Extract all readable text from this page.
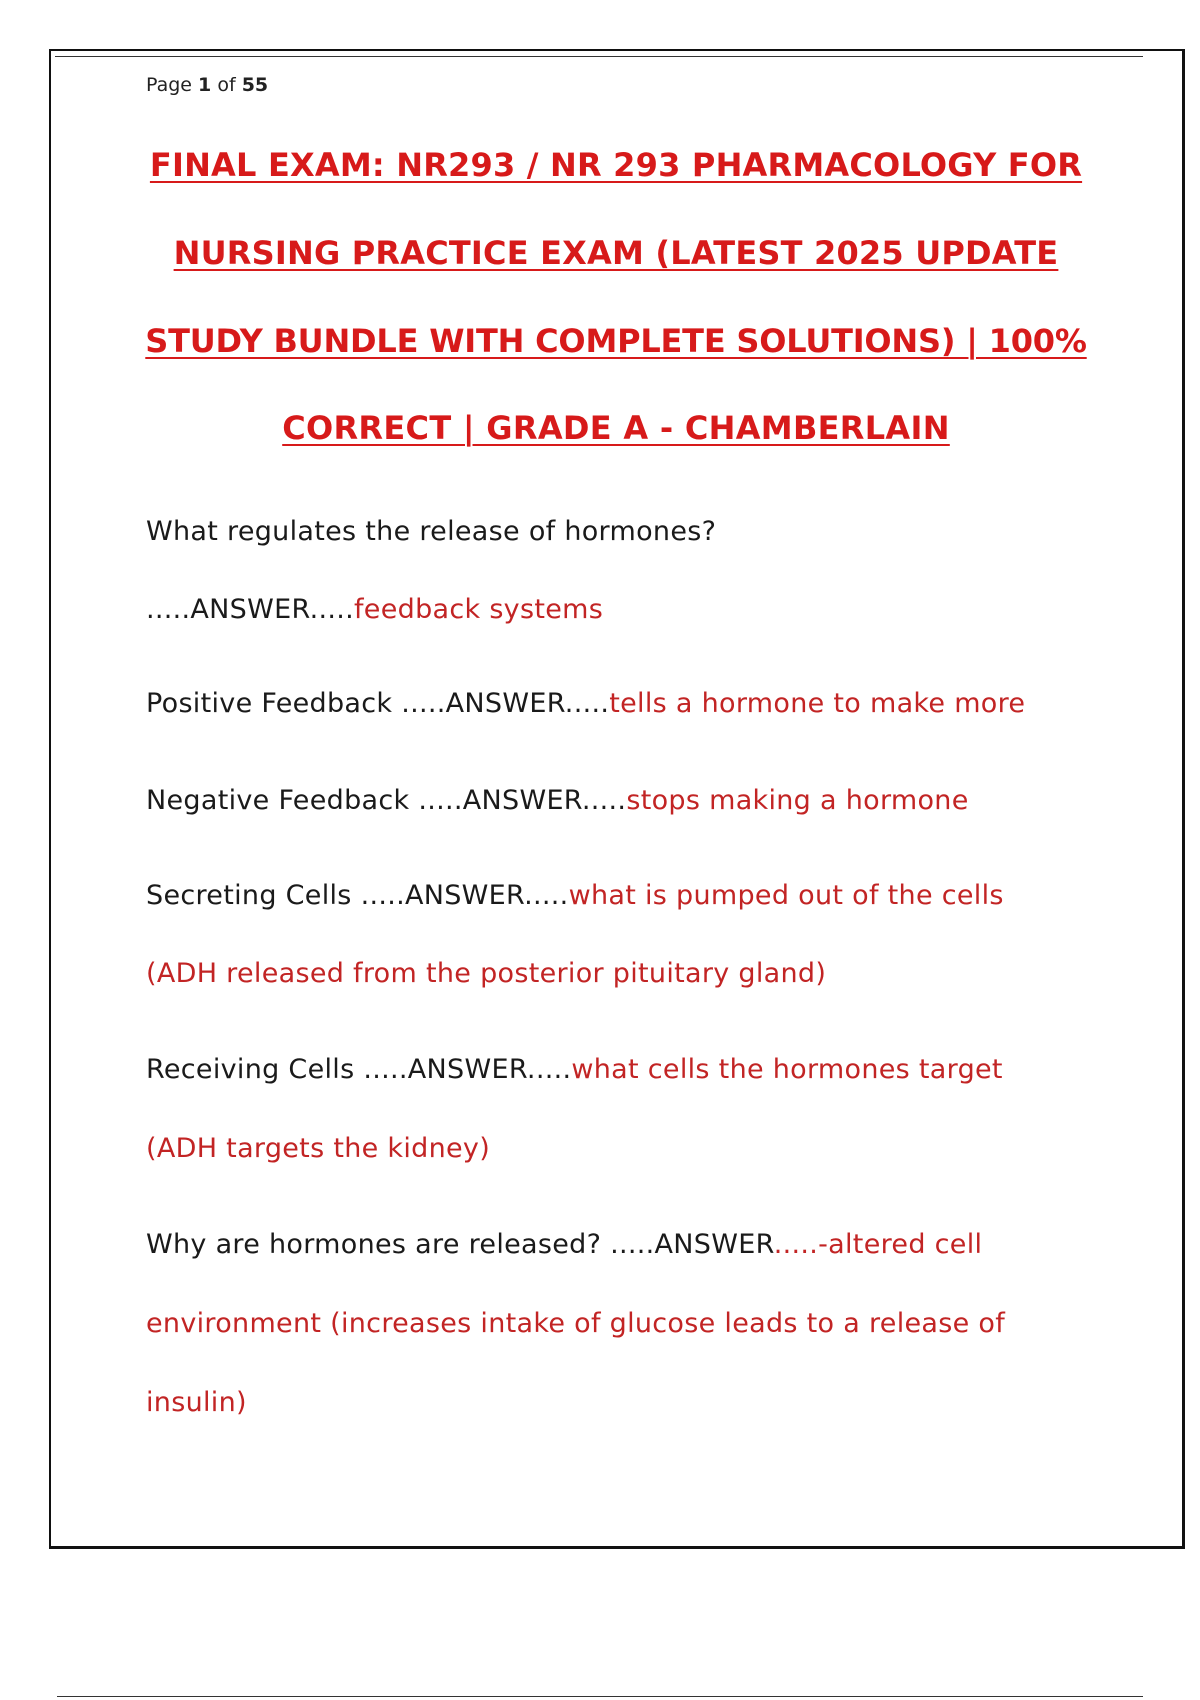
Page 1 of 55
FINAL EXAM: NR293 / NR 293 PHARMACOLOGY FOR
NURSING PRACTICE EXAM (LATEST 2025 UPDATE
STUDY BUNDLE WITH COMPLETE SOLUTIONS) | 100%
CORRECT | GRADE A - CHAMBERLAIN
What regulates the release of hormones?
.....ANSWER.....feedback systems
Positive Feedback .....ANSWER.....tells a hormone to make more
Negative Feedback .....ANSWER.....stops making a hormone
Secreting Cells .....ANSWER.....what is pumped out of the cells
(ADH released from the posterior pituitary gland)
Receiving Cells .....ANSWER.....what cells the hormones target
(ADH targets the kidney)
Why are hormones are released? .....ANSWER.....-altered cell
environment (increases intake of glucose leads to a release of
insulin)
